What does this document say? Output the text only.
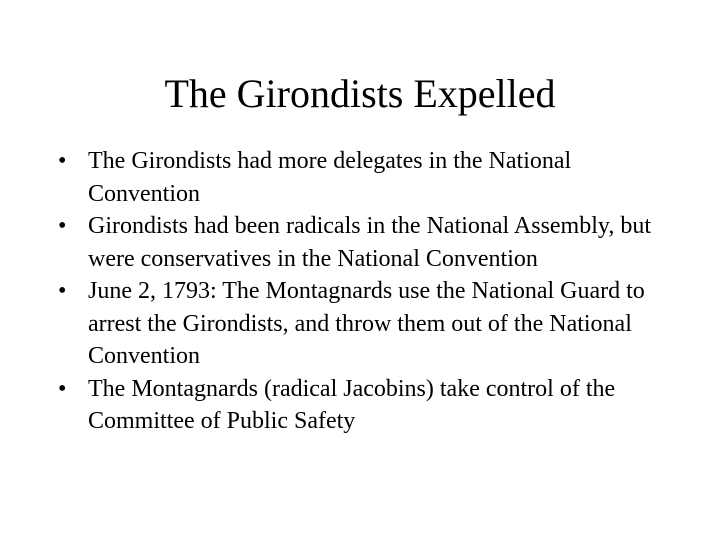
The Girondists Expelled
• The Girondists had more delegates in the National Convention
• Girondists had been radicals in the National Assembly, but were conservatives in the National Convention
• June 2, 1793: The Montagnards use the National Guard to arrest the Girondists, and throw them out of the National Convention
• The Montagnards (radical Jacobins) take control of the Committee of Public Safety
